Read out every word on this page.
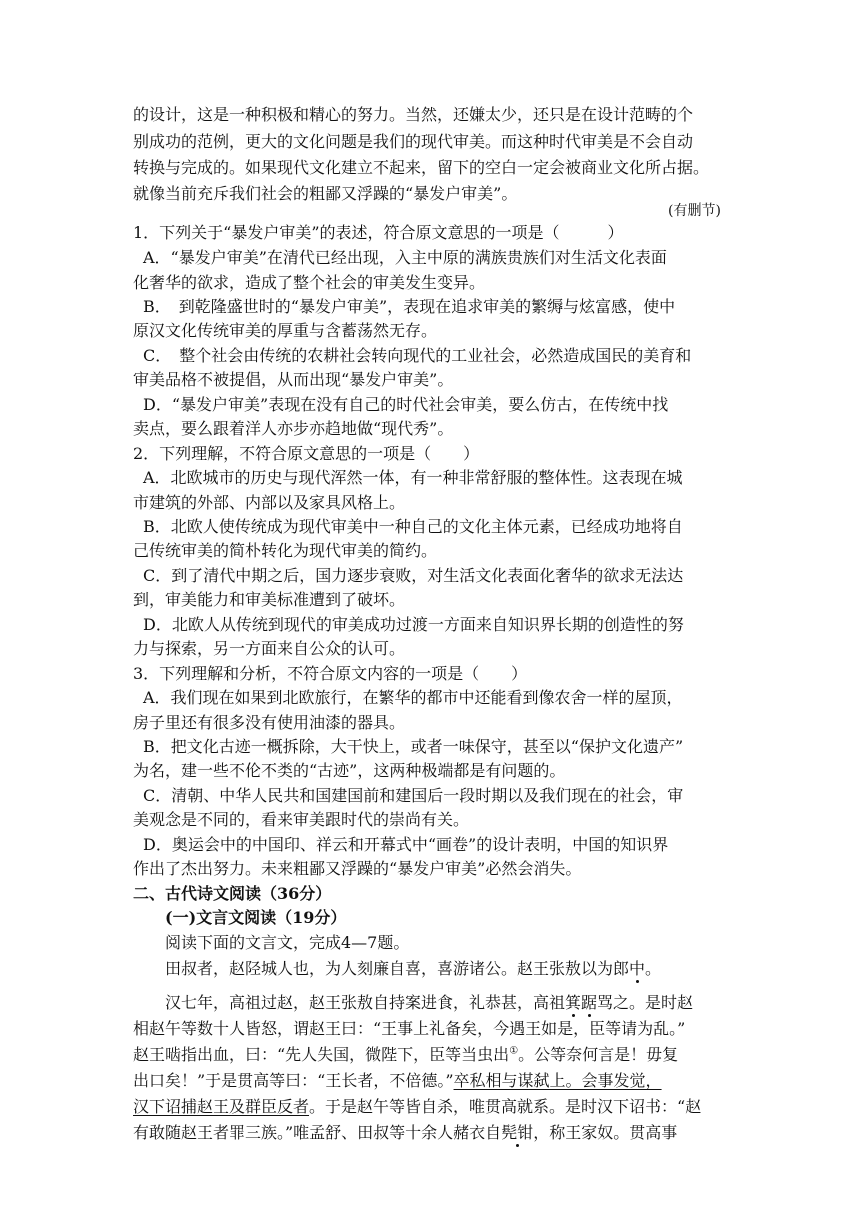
的设计，这是一种积极和精心的努力。当然，还嫌太少，还只是在设计范畴的个
别成功的范例，更大的文化问题是我们的现代审美。而这种时代审美是不会自动
转换与完成的。如果现代文化建立不起来，留下的空白一定会被商业文化所占据。
就像当前充斥我们社会的粗鄙又浮躁的“暴发户审美”。
(有删节)
1．下列关于“暴发户审美”的表述，符合原文意思的一项是（　　　）
A．“暴发户审美”在清代已经出现，入主中原的满族贵族们对生活文化表面
化奢华的欲求，造成了整个社会的审美发生变异。
B．　到乾隆盛世时的“暴发户审美”，表现在追求审美的繁缛与炫富感，使中
原汉文化传统审美的厚重与含蓄荡然无存。
C．　整个社会由传统的农耕社会转向现代的工业社会，必然造成国民的美育和
审美品格不被提倡，从而出现“暴发户审美”。
D．“暴发户审美”表现在没有自己的时代社会审美，要么仿古，在传统中找
卖点，要么跟着洋人亦步亦趋地做“现代秀”。
2．下列理解，不符合原文意思的一项是（　　）
A．北欧城市的历史与现代浑然一体，有一种非常舒服的整体性。这表现在城
市建筑的外部、内部以及家具风格上。
B．北欧人使传统成为现代审美中一种自己的文化主体元素，已经成功地将自
己传统审美的简朴转化为现代审美的简约。
C．到了清代中期之后，国力逐步衰败，对生活文化表面化奢华的欲求无法达
到，审美能力和审美标准遭到了破坏。
D．北欧人从传统到现代的审美成功过渡一方面来自知识界长期的创造性的努
力与探索，另一方面来自公众的认可。
3．下列理解和分析，不符合原文内容的一项是（　　）
A．我们现在如果到北欧旅行，在繁华的都市中还能看到像农舍一样的屋顶，
房子里还有很多没有使用油漆的器具。
B．把文化古迹一概拆除，大干快上，或者一味保守，甚至以“保护文化遗产”
为名，建一些不伦不类的“古迹”，这两种极端都是有问题的。
C．清朝、中华人民共和国建国前和建国后一段时期以及我们现在的社会，审
美观念是不同的，看来审美跟时代的崇尚有关。
D．奥运会中的中国印、祥云和开幕式中“画卷”的设计表明，中国的知识界
作出了杰出努力。未来粗鄙又浮躁的“暴发户审美”必然会消失。
二、古代诗文阅读（36分）
(一)文言文阅读（19分）
阅读下面的文言文，完成4—7题。
田叔者，赵陉城人也，为人刻廉自喜，喜游诸公。赵王张敖以为郎中。
汉七年，高祖过赵，赵王张敖自持案进食，礼恭甚，高祖箕踞骂之。是时赵
相赵午等数十人皆怒，谓赵王曰：“王事上礼备矣，今遇王如是，臣等请为乱。”
赵王啮指出血，曰：“先人失国，微陛下，臣等当虫出①。公等奈何言是！毋复
出口矣！”于是贯高等曰：“王长者，不倍德。”卒私相与谋弑上。会事发觉，
汉下诏捕赵王及群臣反者。于是赵午等皆自杀，唯贯高就系。是时汉下诏书：“赵
有敢随赵王者罪三族。”唯孟舒、田叔等十余人赭衣自髡钳，称王家奴。贯高事
